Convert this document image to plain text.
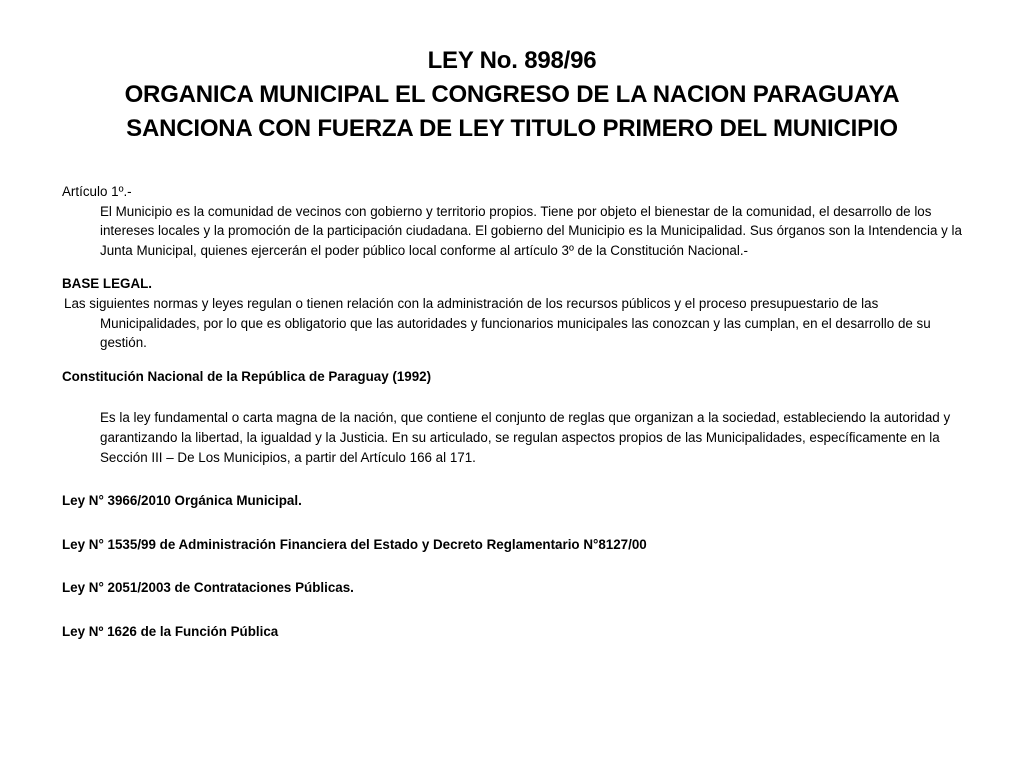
LEY No. 898/96
ORGANICA MUNICIPAL EL CONGRESO DE LA NACION PARAGUAYA
SANCIONA CON FUERZA DE LEY TITULO PRIMERO DEL MUNICIPIO
Artículo 1º.-
El Municipio es la comunidad de vecinos con gobierno y territorio propios. Tiene por objeto el bienestar de la comunidad, el desarrollo de los intereses locales y la promoción de la participación ciudadana. El gobierno del Municipio es la Municipalidad. Sus órganos son la Intendencia y la Junta Municipal, quienes ejercerán el poder público local conforme al artículo 3º de la Constitución Nacional.-
BASE LEGAL.
Las siguientes normas y leyes regulan o tienen relación con la administración de los recursos públicos y el proceso presupuestario de las Municipalidades, por lo que es obligatorio que las autoridades y funcionarios municipales las conozcan y las cumplan, en el desarrollo de su gestión.
Constitución Nacional de la República de Paraguay (1992)
Es la ley fundamental o carta magna de la nación, que contiene el conjunto de reglas que organizan a la sociedad, estableciendo la autoridad y garantizando la libertad, la igualdad y la Justicia. En su articulado, se regulan aspectos propios de las Municipalidades, específicamente en la Sección III – De Los Municipios, a partir del Artículo 166 al 171.
Ley N° 3966/2010 Orgánica Municipal.
Ley N° 1535/99 de Administración Financiera del Estado y Decreto Reglamentario N°8127/00
Ley N° 2051/2003 de Contrataciones Públicas.
Ley Nº 1626 de la Función Pública
